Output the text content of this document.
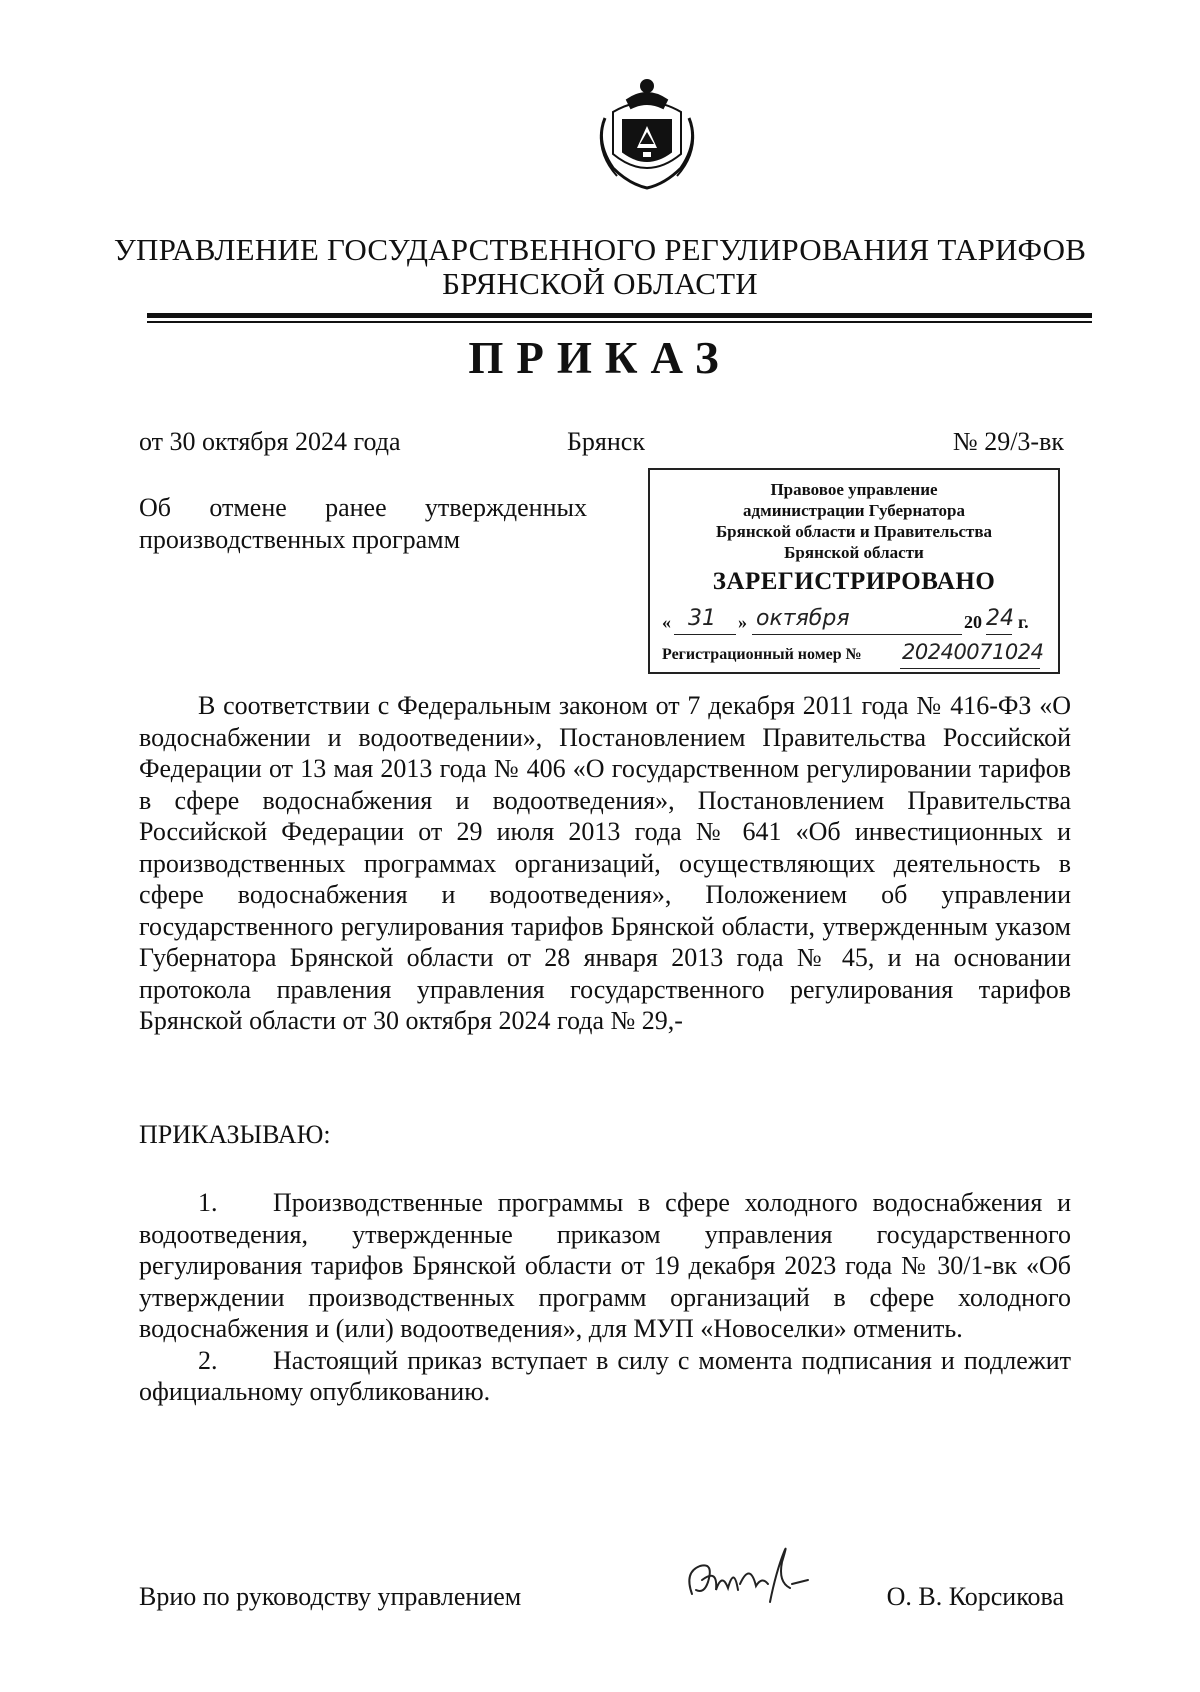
УПРАВЛЕНИЕ ГОСУДАРСТВЕННОГО РЕГУЛИРОВАНИЯ ТАРИФОВ
БРЯНСКОЙ ОБЛАСТИ
ПРИКАЗ
от 30 октября 2024 года	Брянск	№ 29/3-вк
Об отмене ранее утвержденных
производственных программ
Правовое управление
администрации Губернатора
Брянской области и Правительства
Брянской области
ЗАРЕГИСТРИРОВАНО
« 31 » октября	20 24 г.
Регистрационный номер № 20240071024

В соответствии с Федеральным законом от 7 декабря 2011 года № 416-ФЗ «О водоснабжении и водоотведении», Постановлением Правительства Российской Федерации от 13 мая 2013 года № 406 «О государственном регулировании тарифов в сфере водоснабжения и водоотведения», Постановлением Правительства Российской Федерации от 29 июля 2013 года № 641 «Об инвестиционных и производственных программах организаций, осуществляющих деятельность в сфере водоснабжения и водоотведения», Положением об управлении государственного регулирования тарифов Брянской области, утвержденным указом Губернатора Брянской области от 28 января 2013 года № 45, и на основании протокола правления управления государственного регулирования тарифов Брянской области от 30 октября 2024 года № 29,-

ПРИКАЗЫВАЮ:

1. Производственные программы в сфере холодного водоснабжения и водоотведения, утвержденные приказом управления государственного регулирования тарифов Брянской области от 19 декабря 2023 года № 30/1-вк «Об утверждении производственных программ организаций в сфере холодного водоснабжения и (или) водоотведения», для МУП «Новоселки» отменить.

2. Настоящий приказ вступает в силу с момента подписания и подлежит официальному опубликованию.

Врио по руководству управлением	О. В. Корсикова
